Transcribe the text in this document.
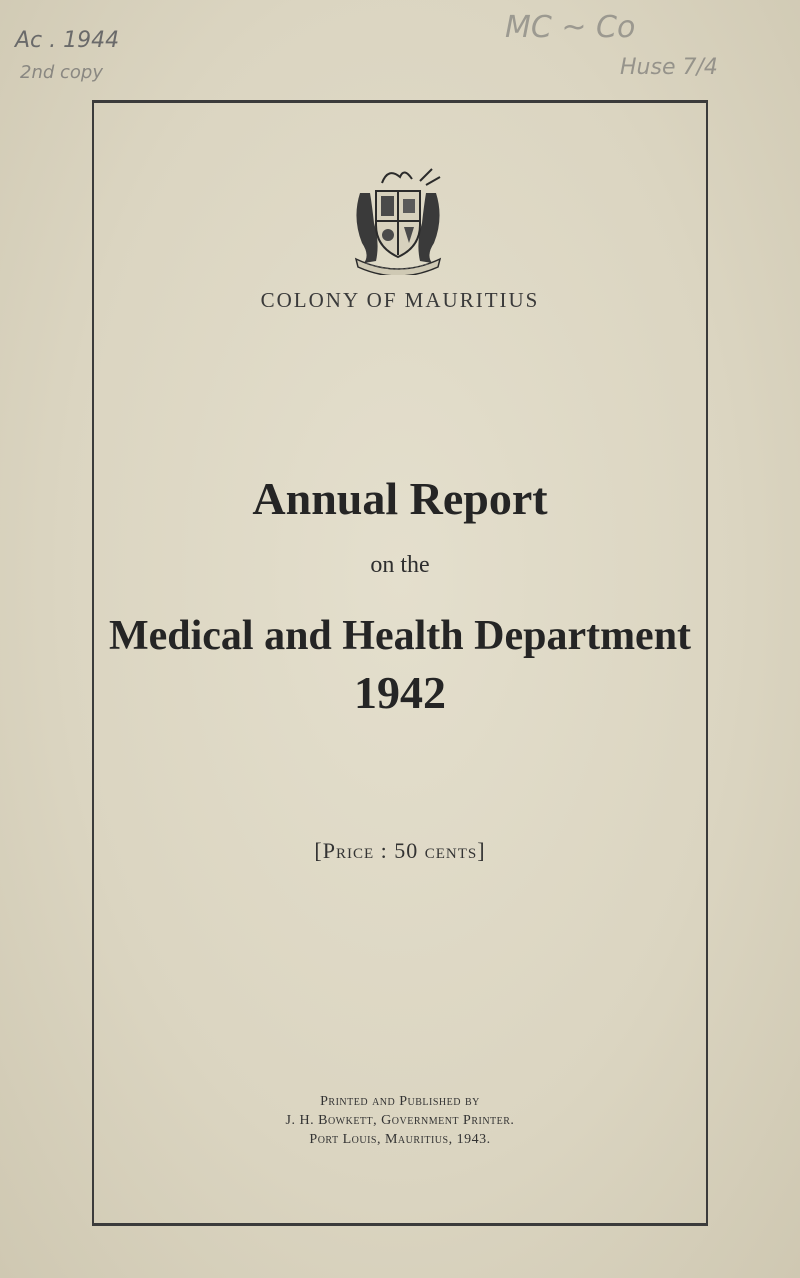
Ac . 1944
2nd copy
MC ~ Co
Huse 7/4
COLONY OF MAURITIUS
Annual Report
on the
Medical and Health Department
1942
[Price : 50 cents]
Printed and Published by
J. H. Bowkett, Government Printer.
Port Louis, Mauritius, 1943.
